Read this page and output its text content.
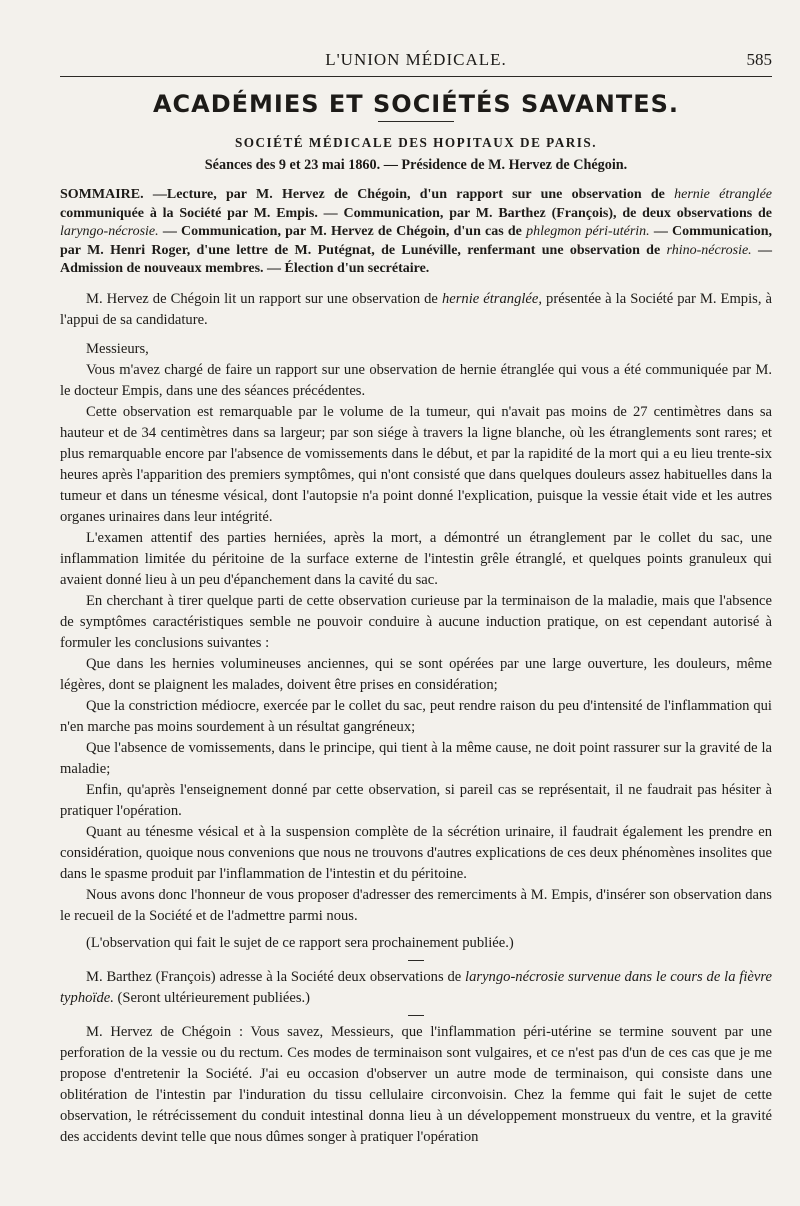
L'UNION MÉDICALE.	585
ACADÉMIES ET SOCIÉTÉS SAVANTES.

SOCIÉTÉ MÉDICALE DES HOPITAUX DE PARIS.

Séances des 9 et 23 mai 1860. — Présidence de M. Hervez de Chégoin.

SOMMAIRE. —Lecture, par M. Hervez de Chégoin, d'un rapport sur une observation de hernie étranglée communiquée à la Société par M. Empis. — Communication, par M. Barthez (François), de deux observations de laryngo-nécrosie. — Communication, par M. Hervez de Chégoin, d'un cas de phlegmon péri-utérin. — Communication, par M. Henri Roger, d'une lettre de M. Putégnat, de Lunéville, renfermant une observation de rhino-nécrosie. — Admission de nouveaux membres. — Élection d'un secrétaire.

M. Hervez de Chégoin lit un rapport sur une observation de hernie étranglée, présentée à la Société par M. Empis, à l'appui de sa candidature.

Messieurs,

Vous m'avez chargé de faire un rapport sur une observation de hernie étranglée qui vous a été communiquée par M. le docteur Empis, dans une des séances précédentes.

Cette observation est remarquable par le volume de la tumeur, qui n'avait pas moins de 27 centimètres dans sa hauteur et de 34 centimètres dans sa largeur; par son siége à travers la ligne blanche, où les étranglements sont rares; et plus remarquable encore par l'absence de vomissements dans le début, et par la rapidité de la mort qui a eu lieu trente-six heures après l'apparition des premiers symptômes, qui n'ont consisté que dans quelques douleurs assez habituelles dans la tumeur et dans un ténesme vésical, dont l'autopsie n'a point donné l'explication, puisque la vessie était vide et les autres organes urinaires dans leur intégrité.

L'examen attentif des parties herniées, après la mort, a démontré un étranglement par le collet du sac, une inflammation limitée du péritoine de la surface externe de l'intestin grêle étranglé, et quelques points granuleux qui avaient donné lieu à un peu d'épanchement dans la cavité du sac.

En cherchant à tirer quelque parti de cette observation curieuse par la terminaison de la maladie, mais que l'absence de symptômes caractéristiques semble ne pouvoir conduire à aucune induction pratique, on est cependant autorisé à formuler les conclusions suivantes :

Que dans les hernies volumineuses anciennes, qui se sont opérées par une large ouverture, les douleurs, même légères, dont se plaignent les malades, doivent être prises en considération;

Que la constriction médiocre, exercée par le collet du sac, peut rendre raison du peu d'intensité de l'inflammation qui n'en marche pas moins sourdement à un résultat gangréneux;

Que l'absence de vomissements, dans le principe, qui tient à la même cause, ne doit point rassurer sur la gravité de la maladie;

Enfin, qu'après l'enseignement donné par cette observation, si pareil cas se représentait, il ne faudrait pas hésiter à pratiquer l'opération.

Quant au ténesme vésical et à la suspension complète de la sécrétion urinaire, il faudrait également les prendre en considération, quoique nous convenions que nous ne trouvons d'autres explications de ces deux phénomènes insolites que dans le spasme produit par l'inflammation de l'intestin et du péritoine.

Nous avons donc l'honneur de vous proposer d'adresser des remerciments à M. Empis, d'insérer son observation dans le recueil de la Société et de l'admettre parmi nous.

(L'observation qui fait le sujet de ce rapport sera prochainement publiée.)

M. Barthez (François) adresse à la Société deux observations de laryngo-nécrosie survenue dans le cours de la fièvre typhoïde. (Seront ultérieurement publiées.)

M. Hervez de Chégoin : Vous savez, Messieurs, que l'inflammation péri-utérine se termine souvent par une perforation de la vessie ou du rectum. Ces modes de terminaison sont vulgaires, et ce n'est pas d'un de ces cas que je me propose d'entretenir la Société. J'ai eu occasion d'observer un autre mode de terminaison, qui consiste dans une oblitération de l'intestin par l'induration du tissu cellulaire circonvoisin. Chez la femme qui fait le sujet de cette observation, le rétrécissement du conduit intestinal donna lieu à un développement monstrueux du ventre, et la gravité des accidents devint telle que nous dûmes songer à pratiquer l'opération
